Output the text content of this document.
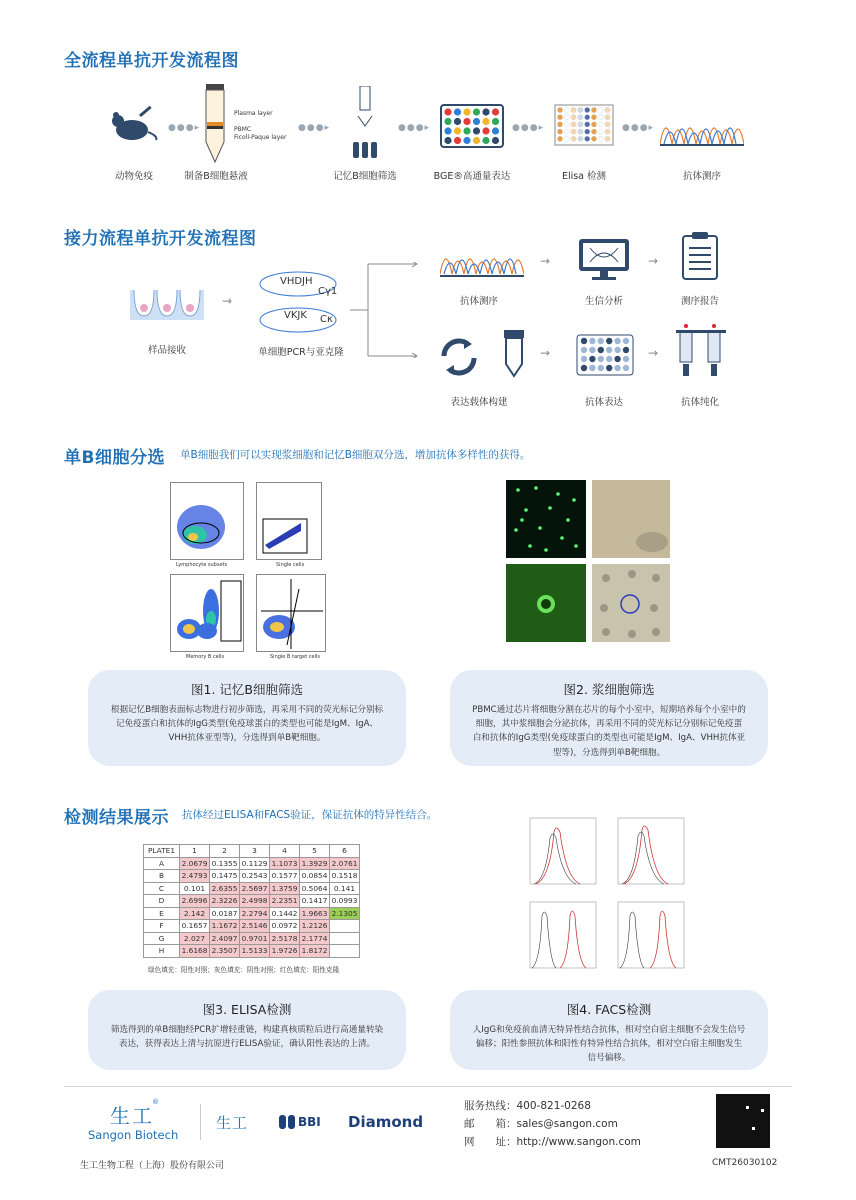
全流程单抗开发流程图
动物免疫
●●●▸
Plasma layer
PBMC
Ficoll-Paque layer
制备B细胞悬液
●●●▸
记忆B细胞筛选
●●●▸
BGE®高通量表达
●●●▸
Elisa 检测
●●●▸
抗体测序
接力流程单抗开发流程图
样品接收
→
VHDJH
Cγ1
VKJK Cκ
单细胞PCR与亚克隆
抗体测序
→
生信分析
→
测序报告
表达载体构建
→
抗体表达
→
抗体纯化
单B细胞分选 单B细胞我们可以实现浆细胞和记忆B细胞双分选，增加抗体多样性的获得。
Lymphocyte subsets	Single cells
Memory B cells	Single B target cells
图1. 记忆B细胞筛选
根据记忆B细胞表面标志物进行初步筛选，再采用不同的荧光标记分别标记免疫蛋白和抗体的IgG类型(免疫球蛋白的类型也可能是IgM、IgA、VHH抗体亚型等)，分选得到单B靶细胞。
图2. 浆细胞筛选
PBMC通过芯片将细胞分割在芯片的每个小室中，短期培养每个小室中的细胞，其中浆细胞会分泌抗体，再采用不同的荧光标记分别标记免疫蛋白和抗体的IgG类型(免疫球蛋白的类型也可能是IgM、IgA、VHH抗体亚型等)，分选得到单B靶细胞。
检测结果展示 抗体经过ELISA和FACS验证，保证抗体的特异性结合。
PLATE1	1	2	3	4	5	6
A	2.0679	0.1355	0.1129	1.1073	1.3929	2.0761
B	2.4793	0.1475	0.2543	0.1577	0.0854	0.1518
C	0.101	2.6355	2.5697	1.3759	0.5064	0.141
D	2.6996	2.3226	2.4998	2.2351	0.1417	0.0993
E	2.142	0.0187	2.2794	0.1442	1.9663	2.1305
F	0.1657	1.1672	2.5146	0.0972	1.2126	
G	2.027	2.4097	0.9701	2.5178	2.1774	
H	1.6168	2.3507	1.5133	1.9726	1.8172	
绿色填充：阳性对照；灰色填充：阴性对照；红色填充：阳性克隆
图3. ELISA检测
筛选得到的单B细胞经PCR扩增轻重链，构建真核质粒后进行高通量转染表达，获得表达上清与抗原进行ELISA验证，确认阳性表达的上清。
图4. FACS检测
人IgG和免疫前血清无特异性结合抗体，相对空白宿主细胞不会发生信号偏移；阳性参照抗体和阳性有特异性结合抗体，相对空白宿主细胞发生信号偏移。
生工
®
Sangon Biotech
生工	BBI Diamond
服务热线：400-821-0268
邮　　箱：sales@sangon.com
网　　址：http://www.sangon.com
生工生物工程（上海）股份有限公司	CMT26030102
